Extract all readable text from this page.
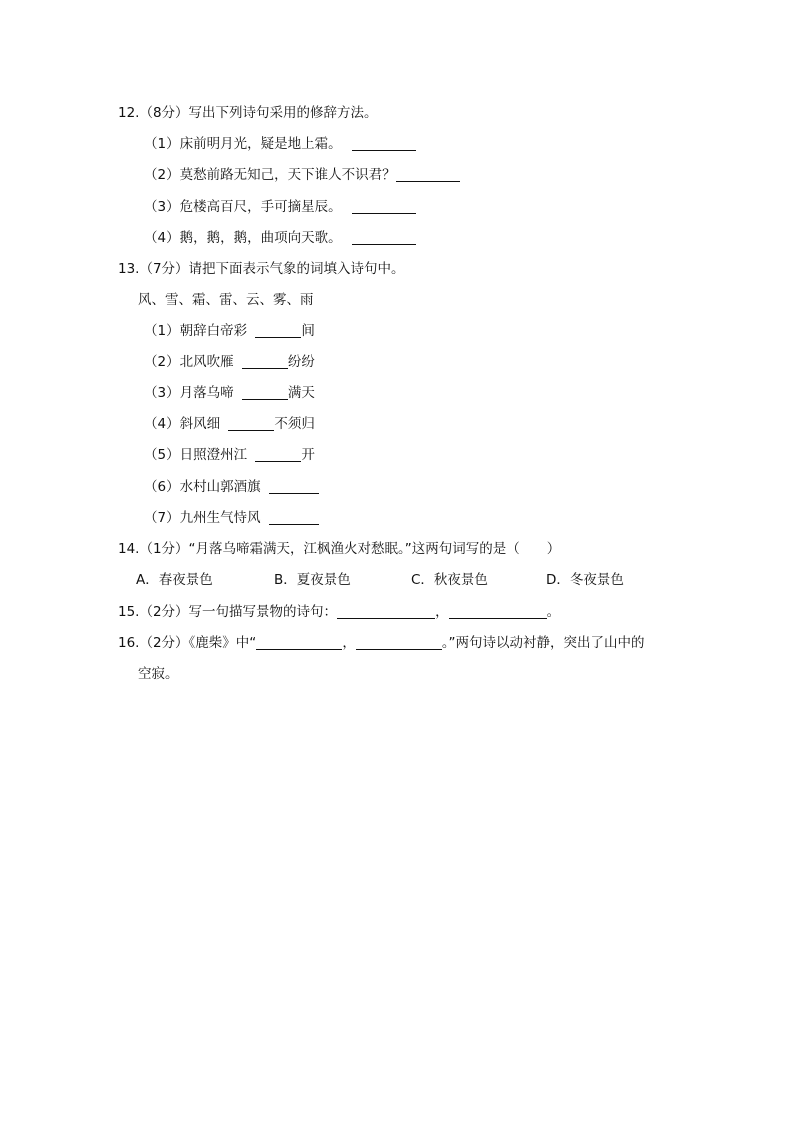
12.（8分）写出下列诗句采用的修辞方法。
（1）床前明月光，疑是地上霜。
（2）莫愁前路无知己，天下谁人不识君？
（3）危楼高百尺，手可摘星辰。
（4）鹅，鹅，鹅，曲项向天歌。
13.（7分）请把下面表示气象的词填入诗句中。
风、雪、霜、雷、云、雾、雨
（1）朝辞白帝彩	间
（2）北风吹雁	纷纷
（3）月落乌啼	满天
（4）斜风细	不须归
（5）日照澄州江	开
（6）水村山郭酒旗
（7）九州生气恃风
14.（1分）“月落乌啼霜满天，江枫渔火对愁眠。”这两句词写的是（　　）
A．春夜景色	B．夏夜景色	C．秋夜景色	D．冬夜景色
15.（2分）写一句描写景物的诗句：	，	。
16.（2分）《鹿柴》中“	，	。”两句诗以动衬静，突出了山中的
空寂。
